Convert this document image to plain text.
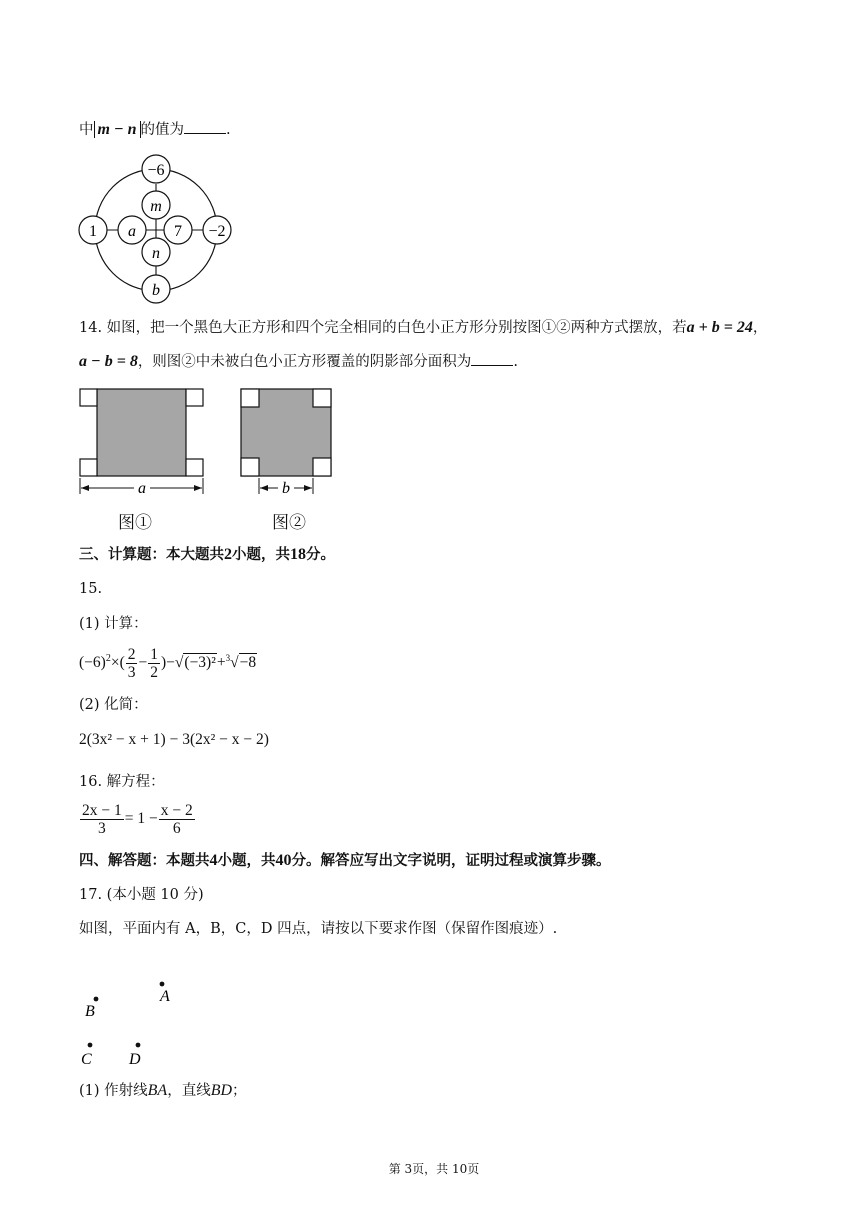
中 m − n 的值为	.
−6
m
1 a 7 −2
n
b
14. 如图，把一个黑色大正方形和四个完全相同的白色小正方形分别按图①②两种方式摆放，若a + b = 24，
a − b = 8，则图②中未被白色小正方形覆盖的阴影部分面积为	.
a
图①
b
图②
三、计算题：本大题共2小题，共18分。
15.
(1) 计算：
$(-6)^2\times( \frac{2}{3} - \frac{1}{2} )-√(-3)^2+^3√-8$
(2) 化简：
2(3x² − x + 1) − 3(2x² − x − 2)
16. 解方程：
$\frac{2x - 1}{3} = 1 - \frac{x - 2}{6}$
四、解答题：本题共4小题，共40分。解答应写出文字说明，证明过程或演算步骤。
17. (本小题 10 分)
如图，平面内有 A，B，C，D 四点，请按以下要求作图（保留作图痕迹）.
A
B
C D
(1) 作射线BA，直线BD；
第 3页，共 10页
